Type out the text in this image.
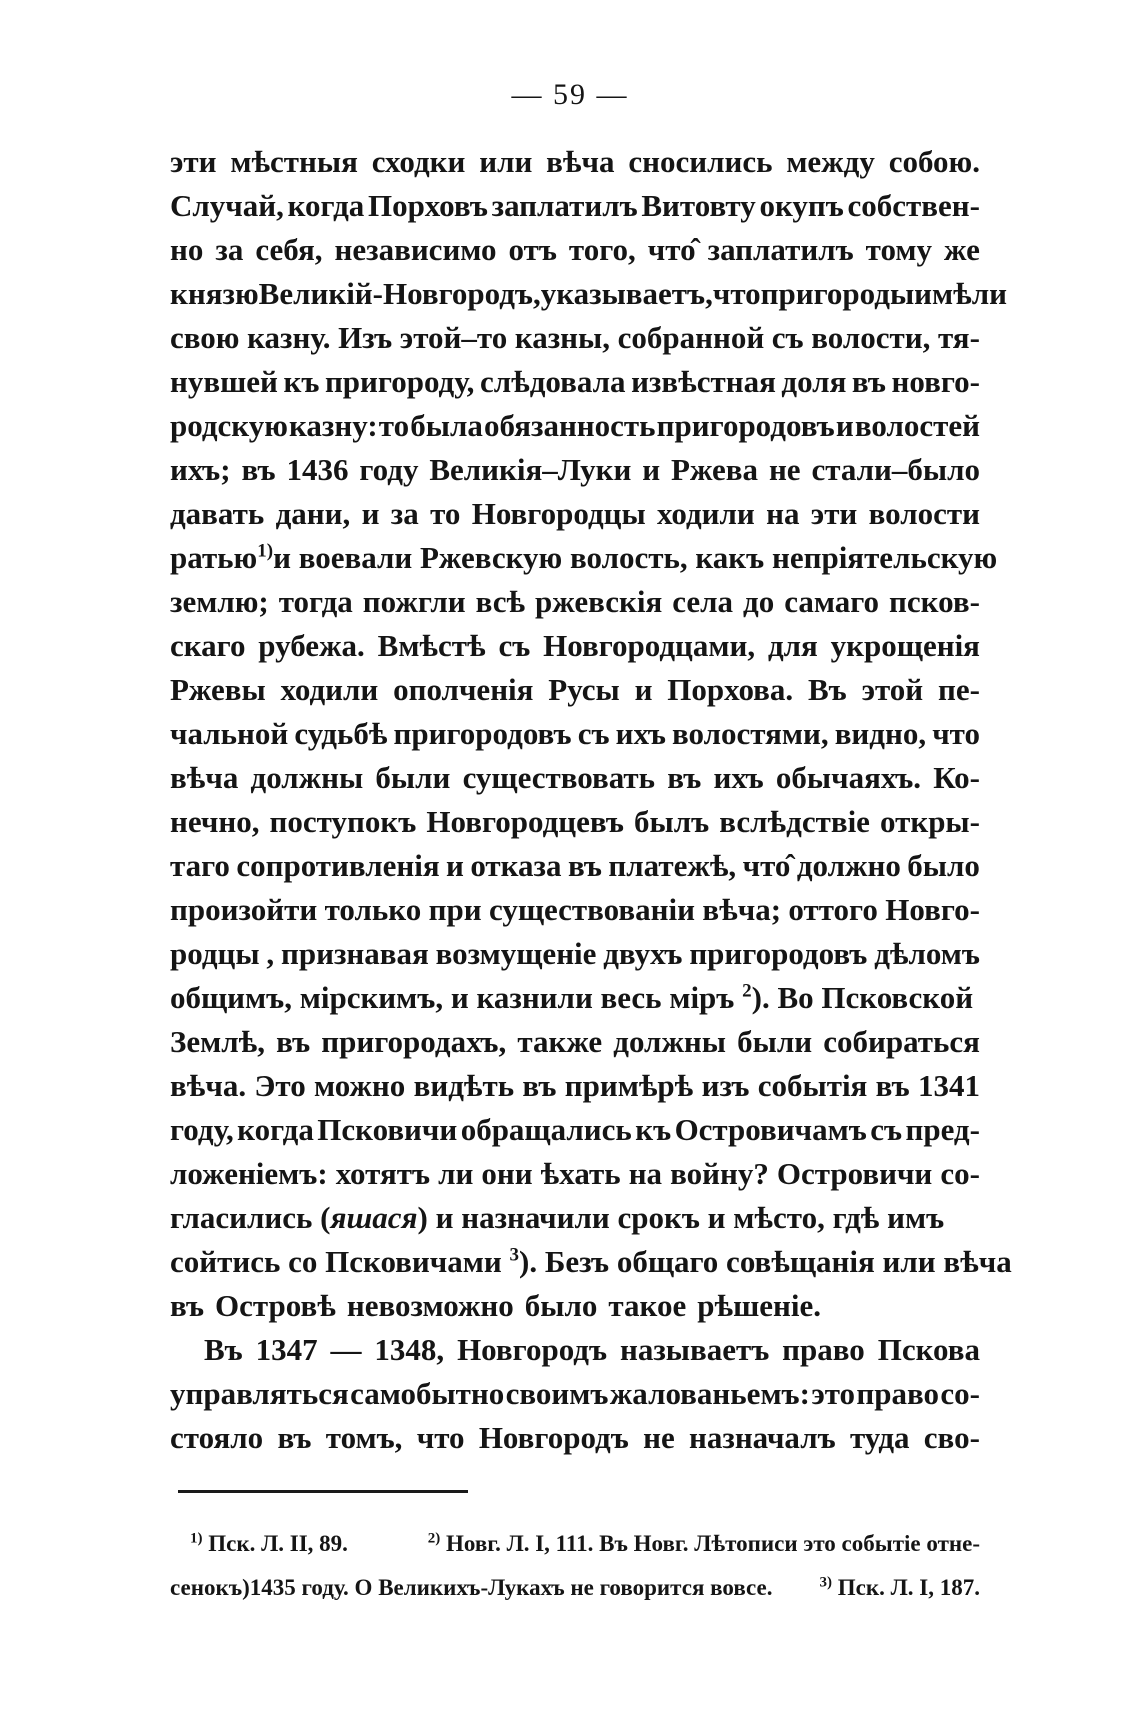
— 59 —
эти мѣстныя сходки или вѣча сносились между собою.
Случай, когда Порховъ заплатилъ Витовту окупъ собствен-
но за себя, независимо отъ того, что̂ заплатилъ тому же
князю Великій-Новгородъ, указываетъ, что пригороды имѣли
свою казну. Изъ этой–то казны, собранной съ волости, тя-
нувшей къ пригороду, слѣдовала извѣстная доля въ новго-
родскую казну: то была обязанность пригородовъ и волостей
ихъ; въ 1436 году Великія–Луки и Ржева не стали–было
давать дани, и за то Новгородцы ходили на эти волости
ратью $^{1)}$и воевали Ржевскую волость, какъ непріятельскую
землю; тогда пожгли всѣ ржевскія села до самаго псков-
скаго рубежа. Вмѣстѣ съ Новгородцами, для укрощенія
Ржевы ходили ополченія Русы и Порхова. Въ этой пе-
чальной судьбѣ пригородовъ съ ихъ волостями, видно, что
вѣча должны были существовать въ ихъ обычаяхъ. Ко-
нечно, поступокъ Новгородцевъ былъ вслѣдствіе откры-
таго сопротивленія и отказа въ платежѣ, что̂ должно было
произойти только при существованіи вѣча; оттого Новго-
родцы , признавая возмущеніе двухъ пригородовъ дѣломъ
общимъ, мірскимъ, и казнили весь міръ $^2$). Во Псковской
Землѣ, въ пригородахъ, также должны были собираться
вѣча. Это можно видѣть въ примѣрѣ изъ событія въ 1341
году, когда Псковичи обращались къ Островичамъ съ пред-
ложеніемъ: хотятъ ли они ѣхать на войну? Островичи со-
гласились (яшася) и назначили срокъ и мѣсто, гдѣ имъ
сойтись со Псковичами $^3$). Безъ общаго совѣщанія или вѣча
въ Островѣ невозможно было такое рѣшеніе.
Въ 1347 — 1348, Новгородъ называетъ право Пскова
управляться самобытно своимъ жалованьемъ: это право со-
стояло въ томъ, что Новгородъ не назначалъ туда сво-
$^{1)}$ Пск. Л. II, 89.	$^{2)}$ Новг. Л. I, 111. Въ Новг. Лѣтописи это событіе отне-
сенокъ)1435 году. О Великихъ-Лукахъ не говорится вовсе.	$^{3)}$ Пск. Л. I, 187.
